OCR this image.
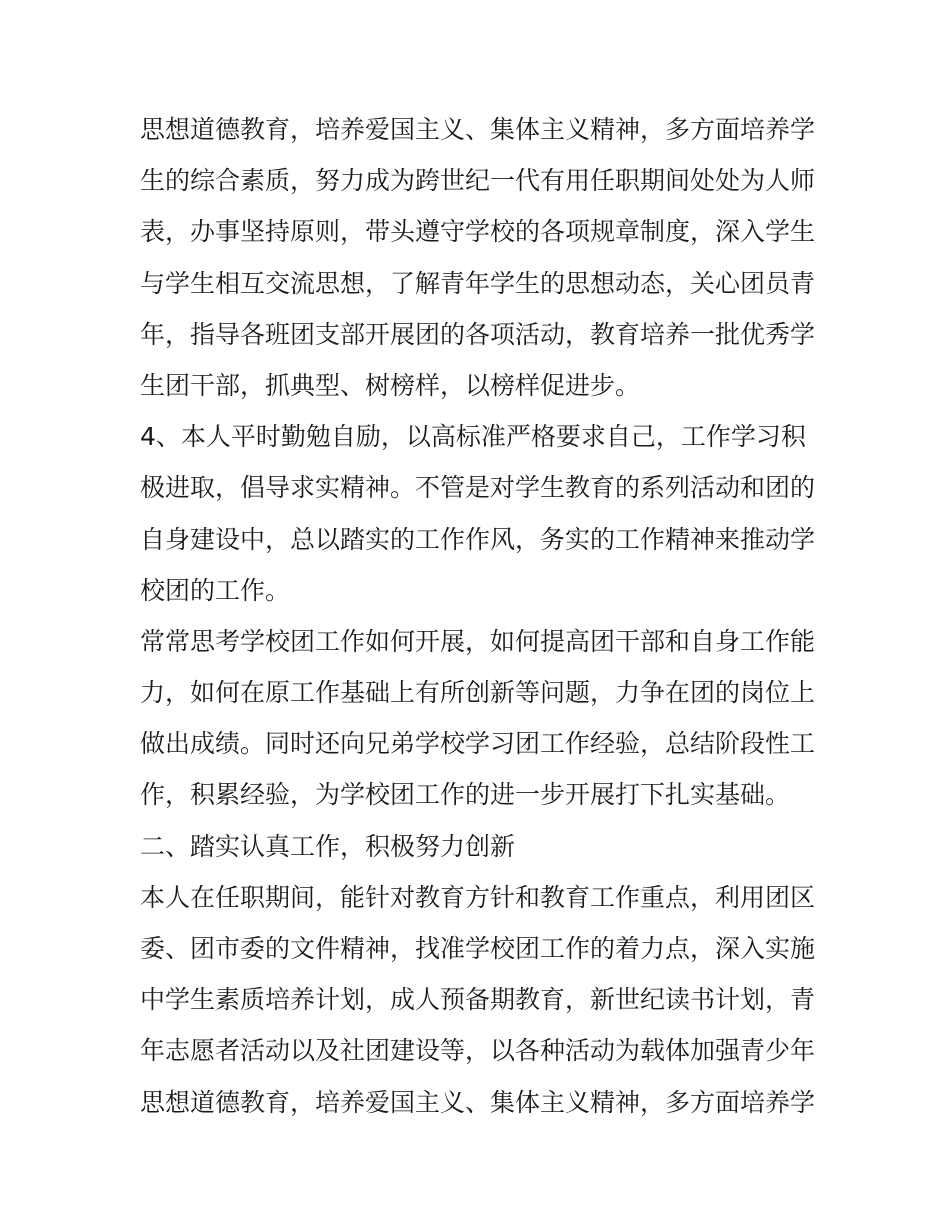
思想道德教育，培养爱国主义、集体主义精神，多方面培养学
生的综合素质，努力成为跨世纪一代有用任职期间处处为人师
表，办事坚持原则，带头遵守学校的各项规章制度，深入学生
与学生相互交流思想，了解青年学生的思想动态，关心团员青
年，指导各班团支部开展团的各项活动，教育培养一批优秀学
生团干部，抓典型、树榜样，以榜样促进步。
4、本人平时勤勉自励，以高标准严格要求自己，工作学习积
极进取，倡导求实精神。不管是对学生教育的系列活动和团的
自身建设中，总以踏实的工作作风，务实的工作精神来推动学
校团的工作。
常常思考学校团工作如何开展，如何提高团干部和自身工作能
力，如何在原工作基础上有所创新等问题，力争在团的岗位上
做出成绩。同时还向兄弟学校学习团工作经验，总结阶段性工
作，积累经验，为学校团工作的进一步开展打下扎实基础。
二、踏实认真工作，积极努力创新
本人在任职期间，能针对教育方针和教育工作重点，利用团区
委、团市委的文件精神，找准学校团工作的着力点，深入实施
中学生素质培养计划，成人预备期教育，新世纪读书计划，青
年志愿者活动以及社团建设等，以各种活动为载体加强青少年
思想道德教育，培养爱国主义、集体主义精神，多方面培养学
